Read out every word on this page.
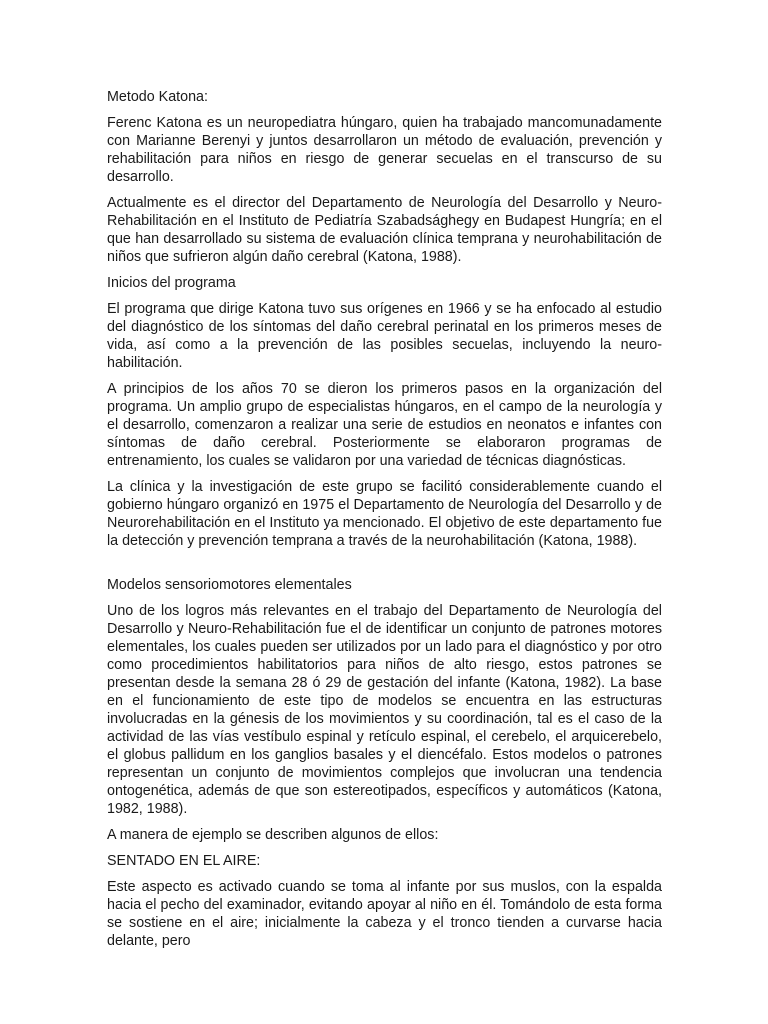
Metodo Katona:

Ferenc Katona es un neuropediatra húngaro, quien ha trabajado mancomunadamente con Marianne Berenyi y juntos desarrollaron un método de evaluación, prevención y rehabilitación para niños en riesgo de generar secuelas en el transcurso de su desarrollo.

Actualmente es el director del Departamento de Neurología del Desarrollo y Neuro-Rehabilitación en el Instituto de Pediatría Szabadsághegy en Budapest Hungría; en el que han desarrollado su sistema de evaluación clínica temprana y neurohabilitación de niños que sufrieron algún daño cerebral (Katona, 1988).

Inicios del programa

El programa que dirige Katona tuvo sus orígenes en 1966 y se ha enfocado al estudio del diagnóstico de los síntomas del daño cerebral perinatal en los primeros meses de vida, así como a la prevención de las posibles secuelas, incluyendo la neuro-habilitación.

A principios de los años 70 se dieron los primeros pasos en la organización del programa. Un amplio grupo de especialistas húngaros, en el campo de la neurología y el desarrollo, comenzaron a realizar una serie de estudios en neonatos e infantes con síntomas de daño cerebral. Posteriormente se elaboraron programas de entrenamiento, los cuales se validaron por una variedad de técnicas diagnósticas.

La clínica y la investigación de este grupo se facilitó considerablemente cuando el gobierno húngaro organizó en 1975 el Departamento de Neurología del Desarrollo y de Neurorehabilitación en el Instituto ya mencionado. El objetivo de este departamento fue la detección y prevención temprana a través de la neurohabilitación (Katona, 1988).

Modelos sensoriomotores elementales

Uno de los logros más relevantes en el trabajo del Departamento de Neurología del Desarrollo y Neuro-Rehabilitación fue el de identificar un conjunto de patrones motores elementales, los cuales pueden ser utilizados por un lado para el diagnóstico y por otro como procedimientos habilitatorios para niños de alto riesgo, estos patrones se presentan desde la semana 28 ó 29 de gestación del infante (Katona, 1982). La base en el funcionamiento de este tipo de modelos se encuentra en las estructuras involucradas en la génesis de los movimientos y su coordinación, tal es el caso de la actividad de las vías vestíbulo espinal y retículo espinal, el cerebelo, el arquicerebelo, el globus pallidum en los ganglios basales y el diencéfalo. Estos modelos o patrones representan un conjunto de movimientos complejos que involucran una tendencia ontogenética, además de que son estereotipados, específicos y automáticos (Katona, 1982, 1988).

A manera de ejemplo se describen algunos de ellos:

SENTADO EN EL AIRE:

Este aspecto es activado cuando se toma al infante por sus muslos, con la espalda hacia el pecho del examinador, evitando apoyar al niño en él. Tomándolo de esta forma se sostiene en el aire; inicialmente la cabeza y el tronco tienden a curvarse hacia delante, pero
